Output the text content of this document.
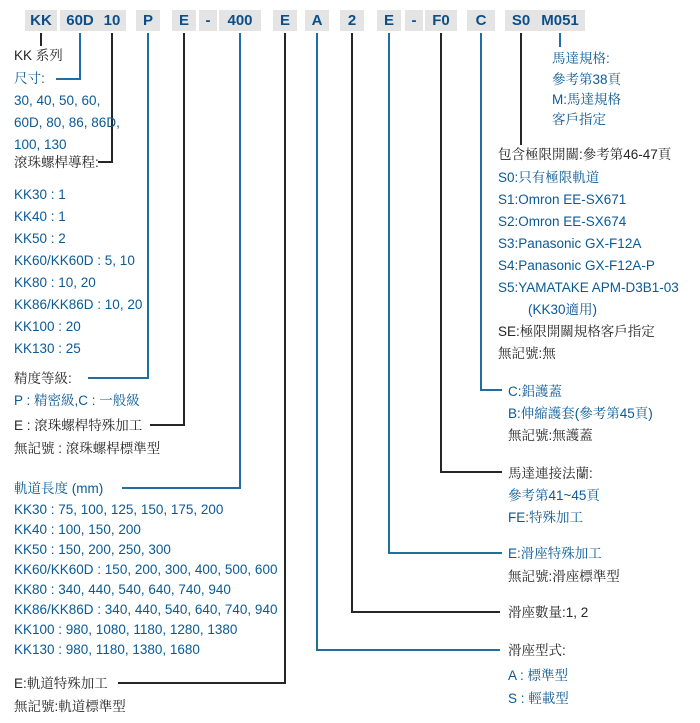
KK 60D 10	P	E	-	400	E	A	2	E	-	F0	C	S0 M051
KK 系列
尺寸:
30, 40, 50, 60,
60D, 80, 86, 86D,
100, 130
滾珠螺桿導程:
KK30 : 1
KK40 : 1
KK50 : 2
KK60/KK60D : 5, 10
KK80 : 10, 20
KK86/KK86D : 10, 20
KK100 : 20
KK130 : 25
精度等級:
P : 精密級,C : 一般級
E : 滾珠螺桿特殊加工
無記號 : 滾珠螺桿標準型
軌道長度 (mm)
KK30 : 75, 100, 125, 150, 175, 200
KK40 : 100, 150, 200
KK50 : 150, 200, 250, 300
KK60/KK60D : 150, 200, 300, 400, 500, 600
KK80 : 340, 440, 540, 640, 740, 940
KK86/KK86D : 340, 440, 540, 640, 740, 940
KK100 : 980, 1080, 1180, 1280, 1380
KK130 : 980, 1180, 1380, 1680
E:軌道特殊加工
無記號:軌道標準型
馬達規格:
參考第38頁
M:馬達規格
客戶指定
包含極限開關:參考第46-47頁
S0:只有極限軌道
S1:Omron EE-SX671
S2:Omron EE-SX674
S3:Panasonic GX-F12A
S4:Panasonic GX-F12A-P
S5:YAMATAKE APM-D3B1-03
(KK30適用)
SE:極限開關規格客戶指定
無記號:無
C:鋁護蓋
B:伸縮護套(參考第45頁)
無記號:無護蓋
馬達連接法蘭:
參考第41~45頁
FE:特殊加工
E:滑座特殊加工
無記號:滑座標準型
滑座數量:1, 2
滑座型式:
A : 標準型
S : 輕載型
